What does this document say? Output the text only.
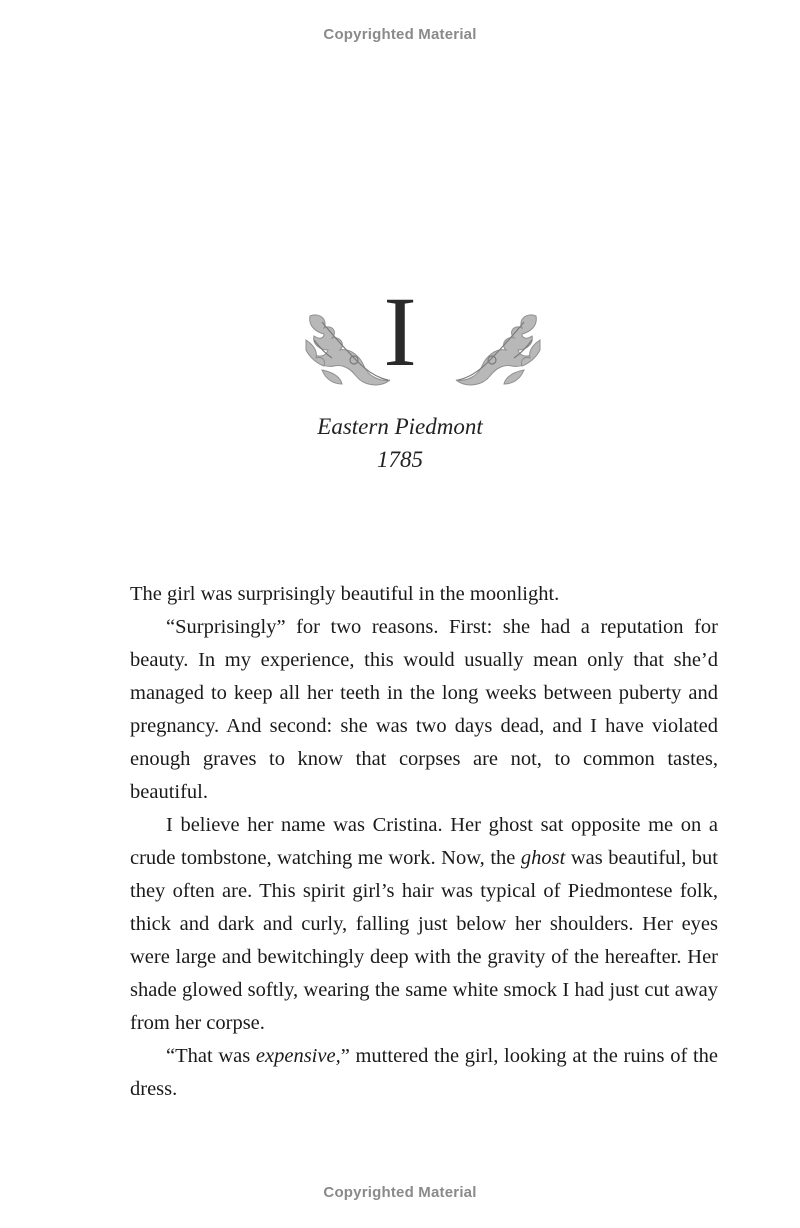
Copyrighted Material
I
Eastern Piedmont
1785

The girl was surprisingly beautiful in the moonlight.

“Surprisingly” for two reasons. First: she had a reputation for beauty. In my experience, this would usually mean only that she’d managed to keep all her teeth in the long weeks between puberty and pregnancy. And second: she was two days dead, and I have violated enough graves to know that corpses are not, to common tastes, beautiful.

I believe her name was Cristina. Her ghost sat opposite me on a crude tombstone, watching me work. Now, the ghost was beautiful, but they often are. This spirit girl’s hair was typical of Piedmontese folk, thick and dark and curly, falling just below her shoulders. Her eyes were large and bewitchingly deep with the gravity of the hereafter. Her shade glowed softly, wearing the same white smock I had just cut away from her corpse.

“That was expensive,” muttered the girl, looking at the ruins of the dress.

Copyrighted Material
